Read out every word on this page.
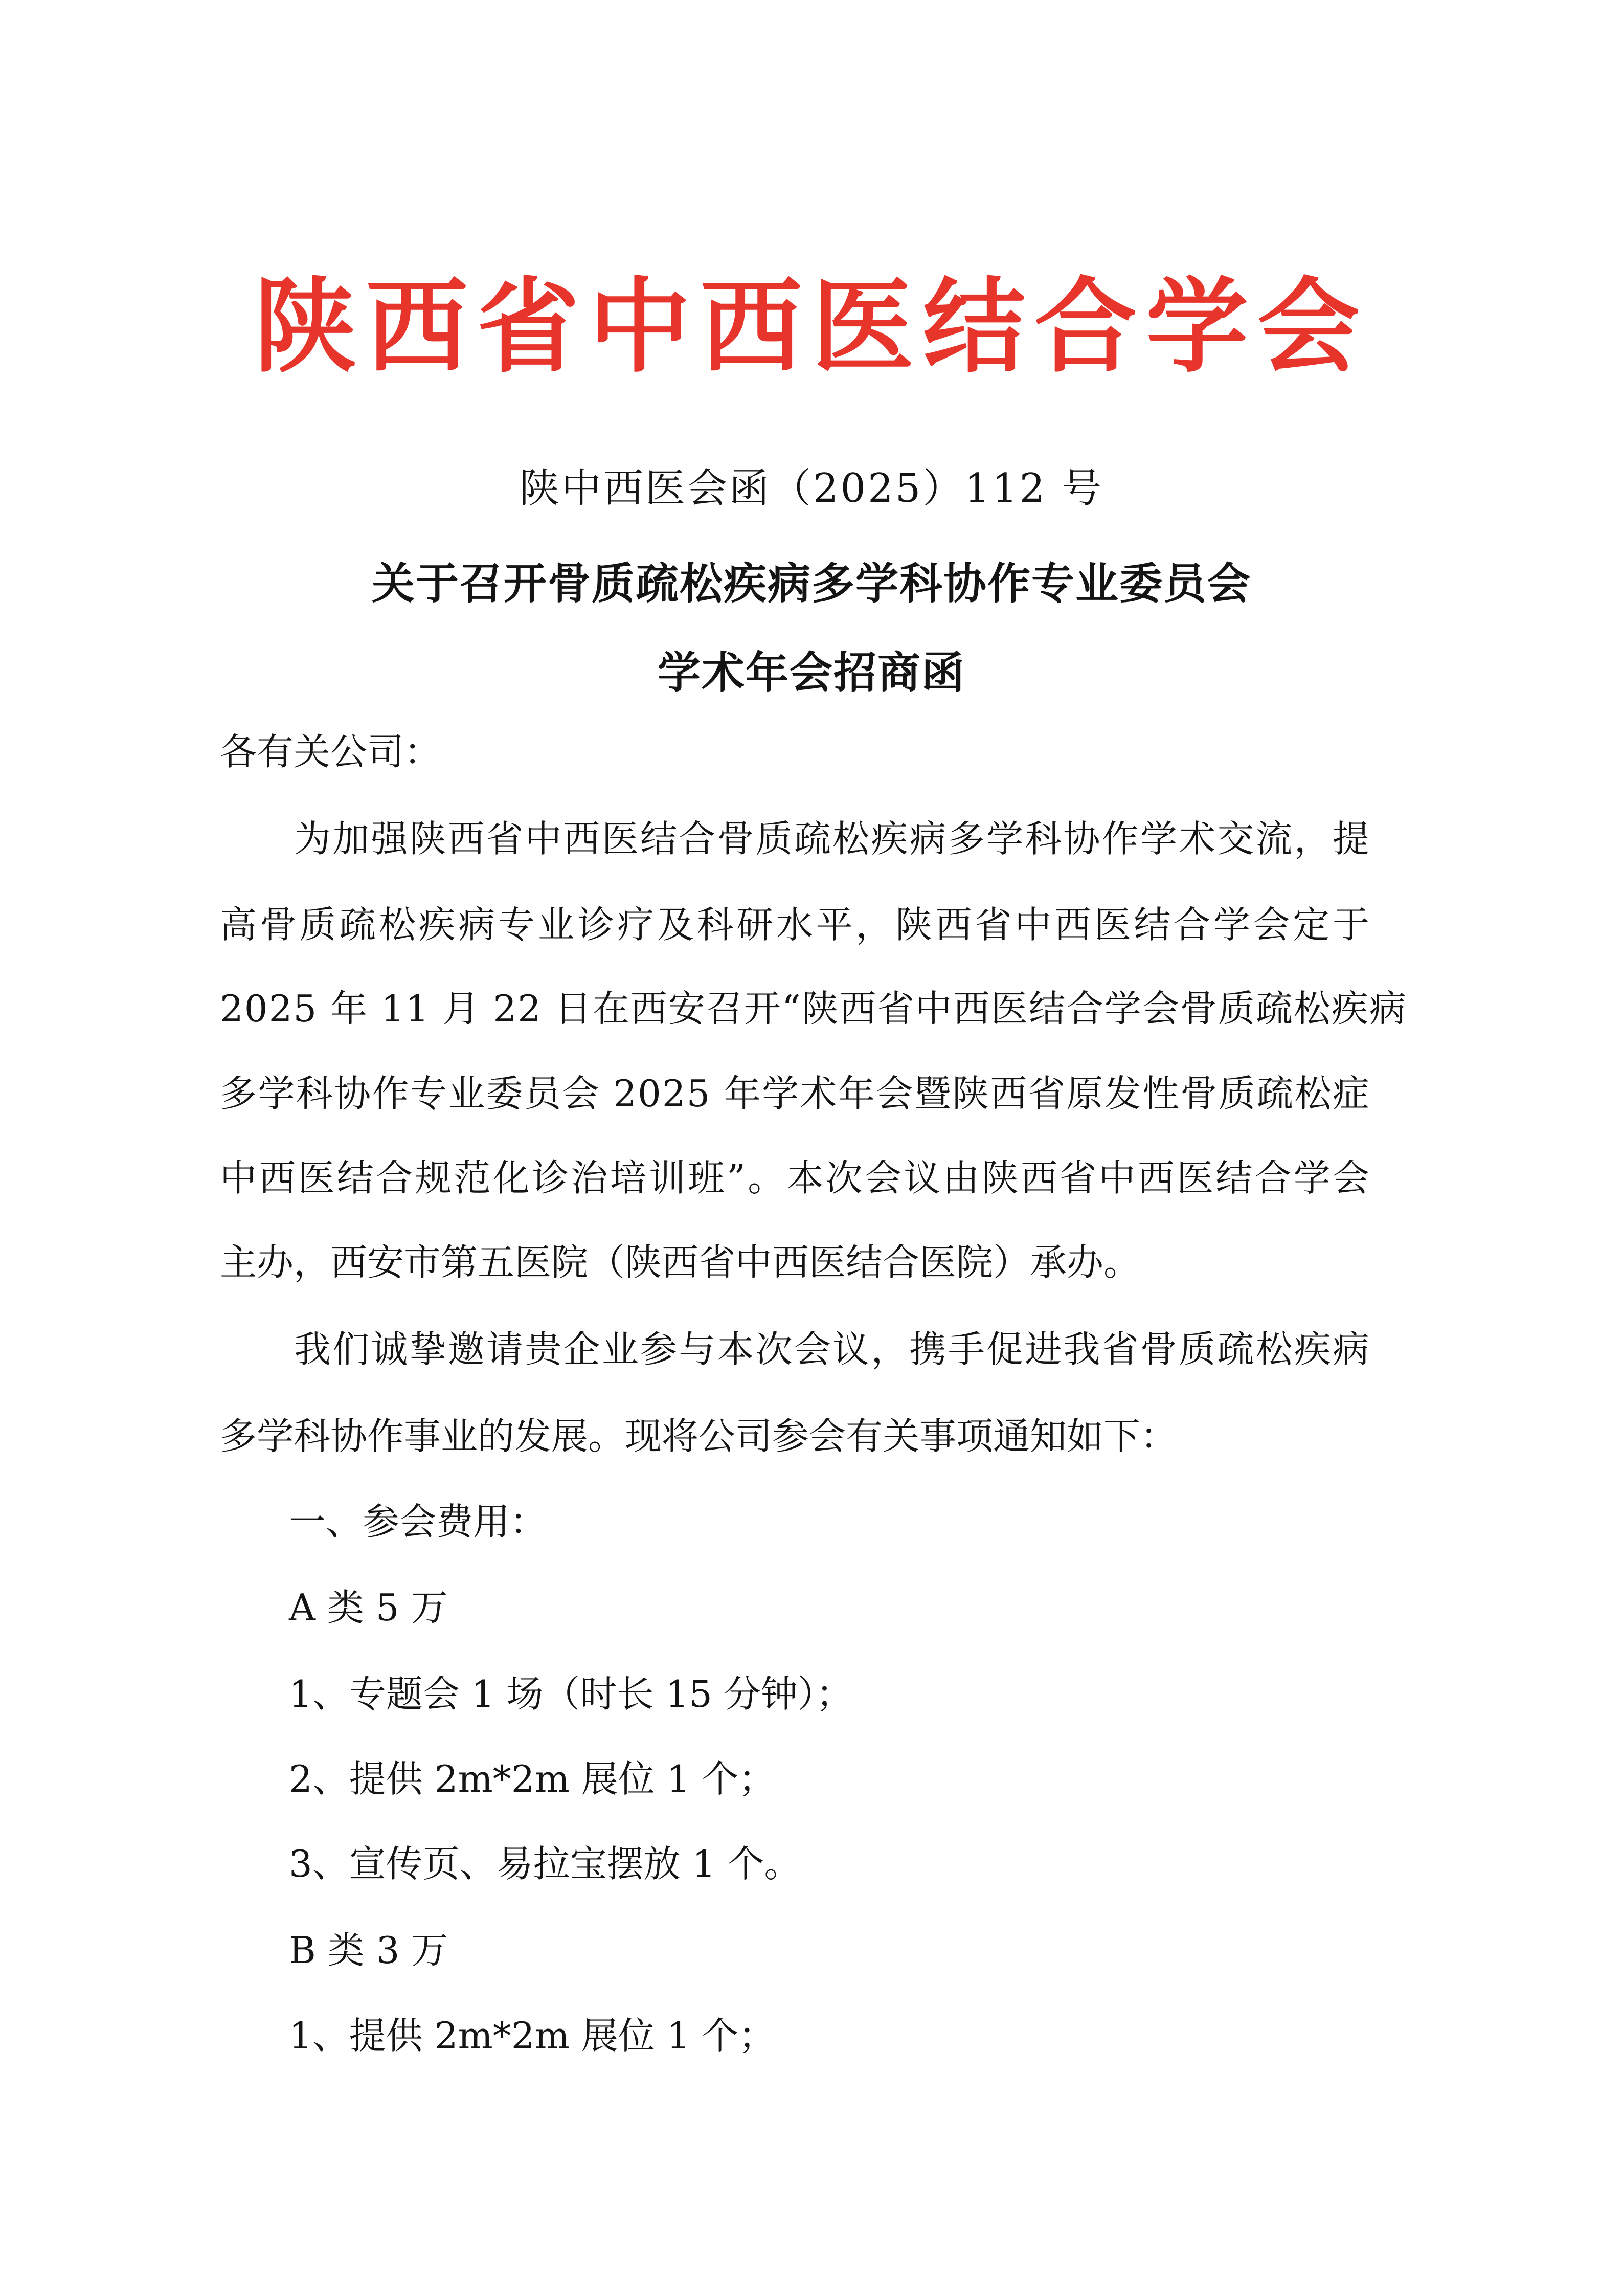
陕西省中西医结合学会
陕中西医会函（2025）112 号
关于召开骨质疏松疾病多学科协作专业委员会
学术年会招商函
各有关公司：
为加强陕西省中西医结合骨质疏松疾病多学科协作学术交流，提
高骨质疏松疾病专业诊疗及科研水平，陕西省中西医结合学会定于
2025 年 11 月 22 日在西安召开“陕西省中西医结合学会骨质疏松疾病
多学科协作专业委员会 2025 年学术年会暨陕西省原发性骨质疏松症
中西医结合规范化诊治培训班”。本次会议由陕西省中西医结合学会
主办，西安市第五医院（陕西省中西医结合医院）承办。
我们诚挚邀请贵企业参与本次会议，携手促进我省骨质疏松疾病
多学科协作事业的发展。现将公司参会有关事项通知如下：
一、参会费用：
A 类 5 万
1、专题会 1 场（时长 15 分钟）；
2、提供 2m*2m 展位 1 个；
3、宣传页、易拉宝摆放 1 个。
B 类 3 万
1、提供 2m*2m 展位 1 个；
